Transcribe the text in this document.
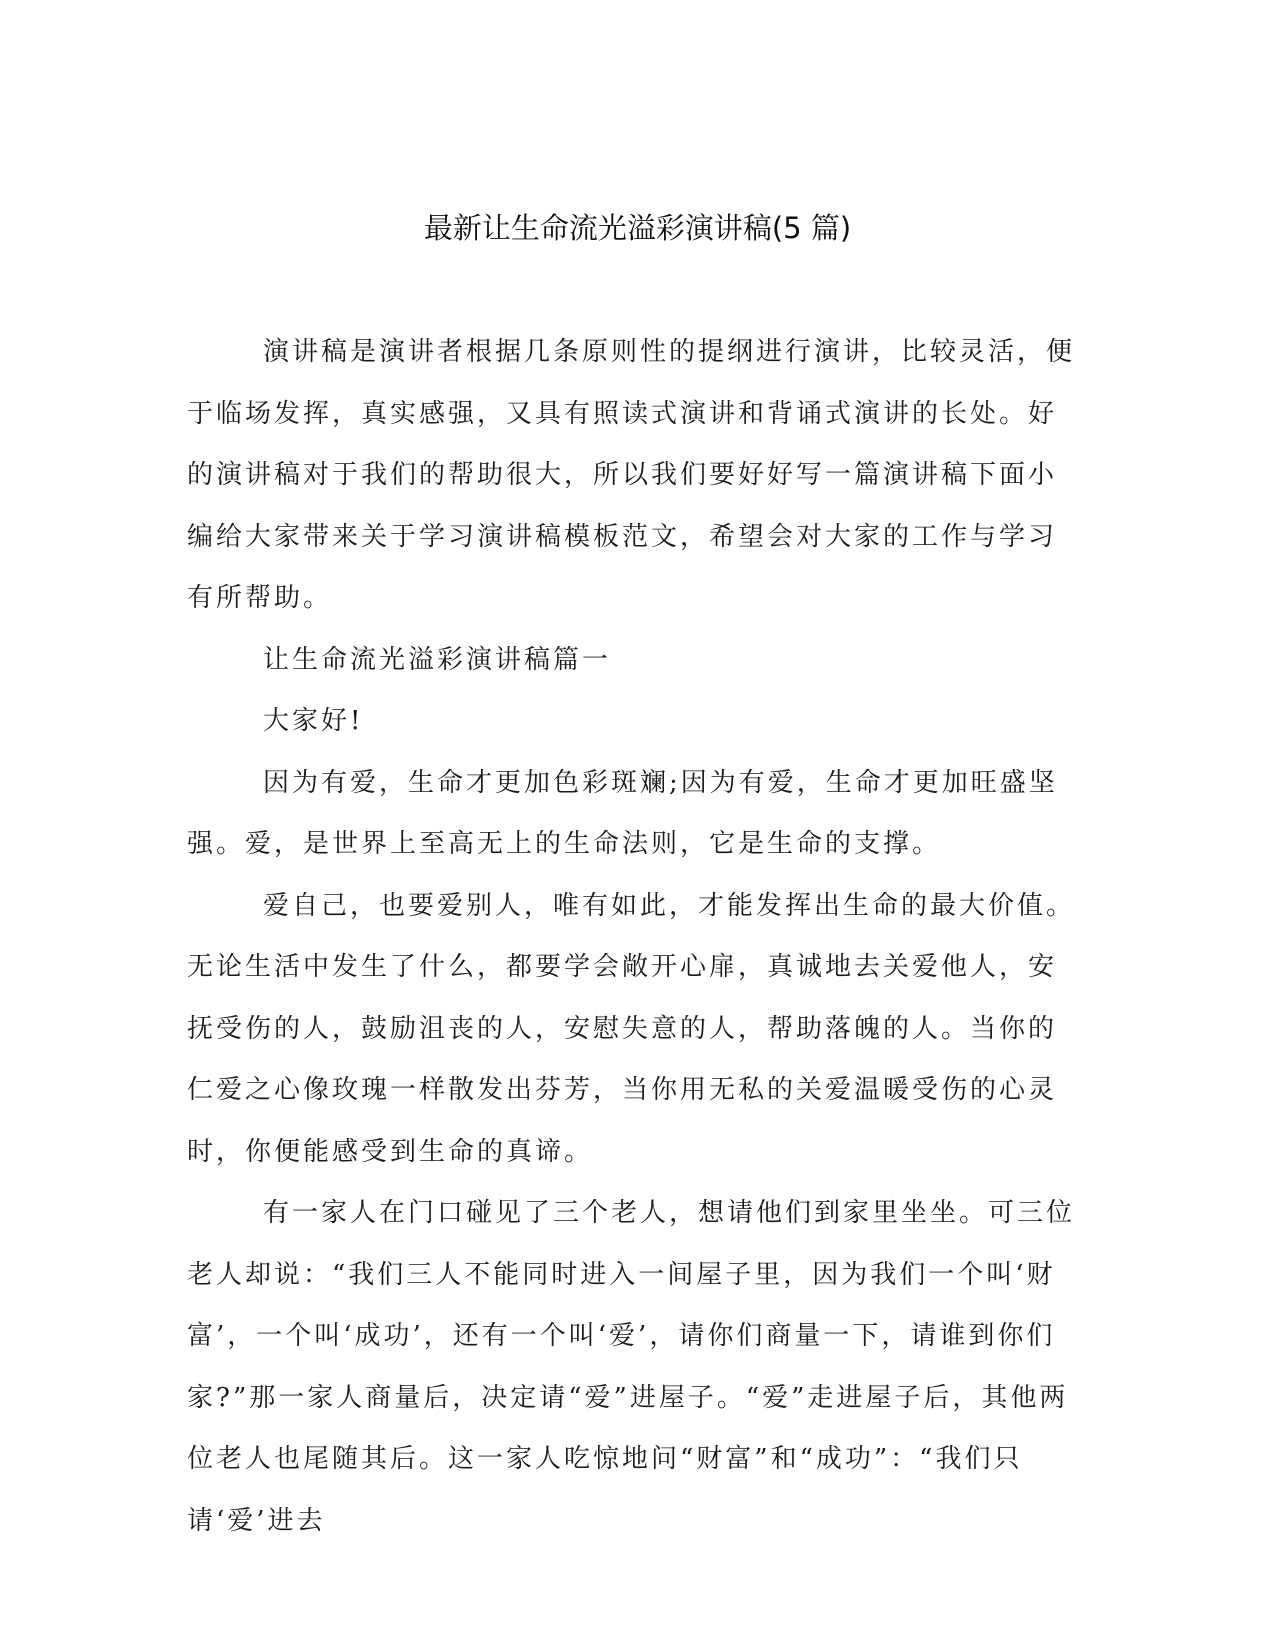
最新让生命流光溢彩演讲稿(5 篇)

演讲稿是演讲者根据几条原则性的提纲进行演讲，比较灵活，便于临场发挥，真实感强，又具有照读式演讲和背诵式演讲的长处。好的演讲稿对于我们的帮助很大，所以我们要好好写一篇演讲稿下面小编给大家带来关于学习演讲稿模板范文，希望会对大家的工作与学习有所帮助。

让生命流光溢彩演讲稿篇一

大家好!

因为有爱，生命才更加色彩斑斓;因为有爱，生命才更加旺盛坚强。爱，是世界上至高无上的生命法则，它是生命的支撑。

爱自己，也要爱别人，唯有如此，才能发挥出生命的最大价值。无论生活中发生了什么，都要学会敞开心扉，真诚地去关爱他人，安抚受伤的人，鼓励沮丧的人，安慰失意的人，帮助落魄的人。当你的仁爱之心像玫瑰一样散发出芬芳，当你用无私的关爱温暖受伤的心灵时，你便能感受到生命的真谛。

有一家人在门口碰见了三个老人，想请他们到家里坐坐。可三位老人却说：“我们三人不能同时进入一间屋子里，因为我们一个叫‘财富’，一个叫‘成功’，还有一个叫‘爱’，请你们商量一下，请谁到你们家?”那一家人商量后，决定请“爱”进屋子。“爱”走进屋子后，其他两位老人也尾随其后。这一家人吃惊地问“财富”和“成功”：“我们只请‘爱’进去
